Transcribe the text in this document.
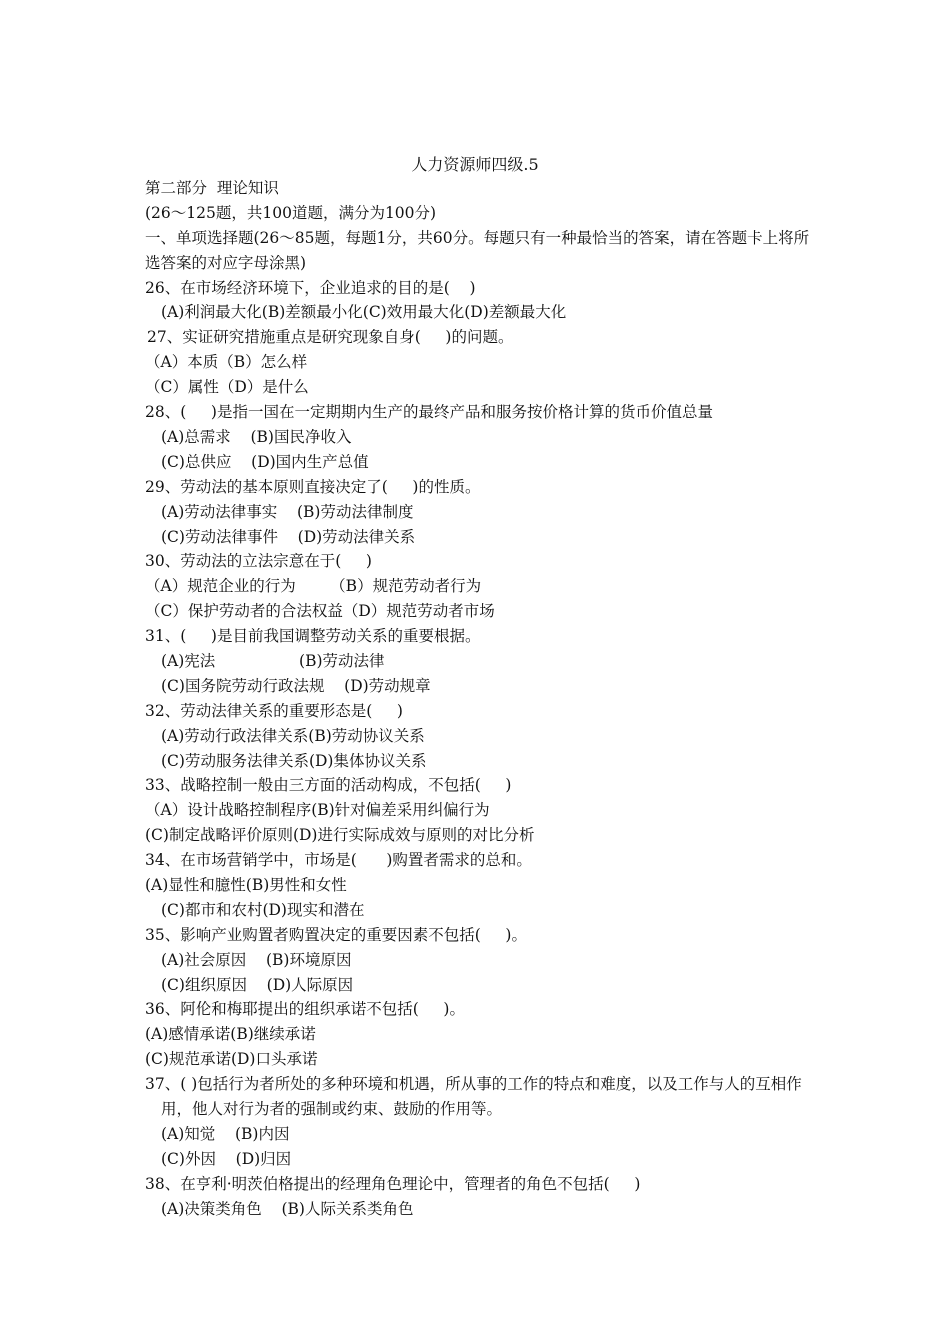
人力资源师四级.5
第二部分  理论知识
(26～125题，共100道题，满分为100分)
一、单项选择题(26～85题，每题1分，共60分。每题只有一种最恰当的答案，请在答题卡上将所选答案的对应字母涂黑)
26、在市场经济环境下，企业追求的目的是(    )
(A)利润最大化(B)差额最小化(C)效用最大化(D)差额最大化
27、实证研究措施重点是研究现象自身(     )的问题。
（A）本质（B）怎么样
（C）属性（D）是什么
28、(     )是指一国在一定期期内生产的最终产品和服务按价格计算的货币价值总量
(A)总需求    (B)国民净收入
(C)总供应    (D)国内生产总值
29、劳动法的基本原则直接决定了(     )的性质。
(A)劳动法律事实    (B)劳动法律制度
(C)劳动法律事件    (D)劳动法律关系
30、劳动法的立法宗意在于(     )
（A）规范企业的行为       （B）规范劳动者行为
（C）保护劳动者的合法权益（D）规范劳动者市场
31、(     )是目前我国调整劳动关系的重要根据。
(A)宪法                 (B)劳动法律
(C)国务院劳动行政法规    (D)劳动规章
32、劳动法律关系的重要形态是(     )
(A)劳动行政法律关系(B)劳动协议关系
(C)劳动服务法律关系(D)集体协议关系
33、战略控制一般由三方面的活动构成，不包括(     )
（A）设计战略控制程序(B)针对偏差采用纠偏行为
(C)制定战略评价原则(D)进行实际成效与原则的对比分析
34、在市场营销学中，市场是(      )购置者需求的总和。
(A)显性和臆性(B)男性和女性
(C)都市和农村(D)现实和潜在
35、影响产业购置者购置决定的重要因素不包括(     )。
(A)社会原因    (B)环境原因
(C)组织原因    (D)人际原因
36、阿伦和梅耶提出的组织承诺不包括(     )。
(A)感情承诺(B)继续承诺
(C)规范承诺(D)口头承诺
37、( )包括行为者所处的多种环境和机遇，所从事的工作的特点和难度，以及工作与人的互相作用，他人对行为者的强制或约束、鼓励的作用等。
(A)知觉    (B)内因
(C)外因    (D)归因
38、在亨利·明茨伯格提出的经理角色理论中，管理者的角色不包括(     )
(A)决策类角色    (B)人际关系类角色
